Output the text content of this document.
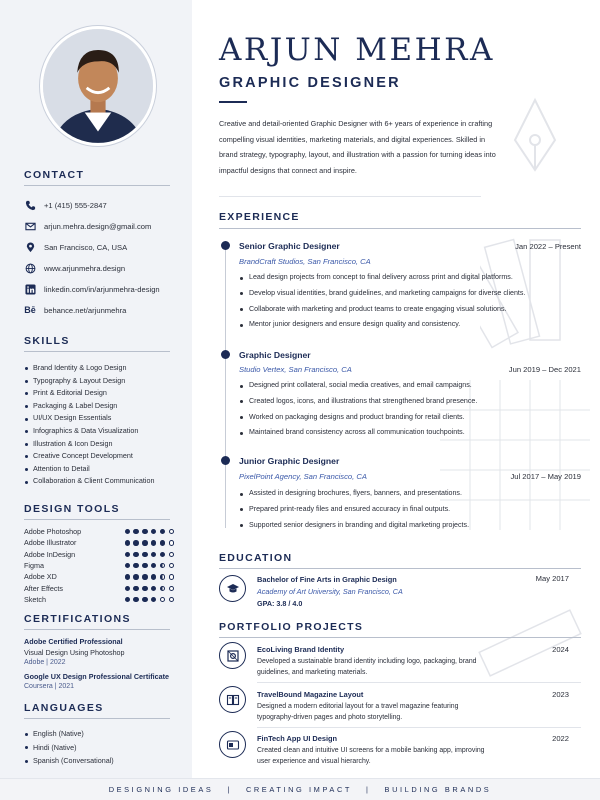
CONTACT
+1 (415) 555-2847
arjun.mehra.design@gmail.com
San Francisco, CA, USA
www.arjunmehra.design
linkedin.com/in/arjunmehra-design
Bē behance.net/arjunmehra
SKILLS
Brand Identity & Logo Design
Typography & Layout Design
Print & Editorial Design
Packaging & Label Design
UI/UX Design Essentials
Infographics & Data Visualization
Illustration & Icon Design
Creative Concept Development
Attention to Detail
Collaboration & Client Communication
DESIGN TOOLS
Adobe Photoshop
Adobe Illustrator
Adobe InDesign
Figma
Adobe XD
After Effects
Sketch
CERTIFICATIONS
Adobe Certified Professional
Visual Design Using Photoshop
Adobe | 2022
Google UX Design Professional Certificate
Coursera | 2021
LANGUAGES
English (Native)
Hindi (Native)
Spanish (Conversational)
ARJUN MEHRA
GRAPHIC DESIGNER
Creative and detail-oriented Graphic Designer with 6+ years of experience in crafting compelling visual identities, marketing materials, and digital experiences. Skilled in brand strategy, typography, layout, and illustration with a passion for turning ideas into impactful designs that connect and inspire.
EXPERIENCE
Senior Graphic Designer	Jan 2022 – Present
BrandCraft Studios, San Francisco, CA
Lead design projects from concept to final delivery across print and digital platforms.
Develop visual identities, brand guidelines, and marketing campaigns for diverse clients.
Collaborate with marketing and product teams to create engaging visual solutions.
Mentor junior designers and ensure design quality and consistency.
Graphic Designer
Jun 2019 – Dec 2021
Studio Vertex, San Francisco, CA
Designed print collateral, social media creatives, and email campaigns.
Created logos, icons, and illustrations that strengthened brand presence.
Worked on packaging designs and product branding for retail clients.
Maintained brand consistency across all communication touchpoints.
Junior Graphic Designer
Jul 2017 – May 2019
PixelPoint Agency, San Francisco, CA
Assisted in designing brochures, flyers, banners, and presentations.
Prepared print-ready files and ensured accuracy in final outputs.
Supported senior designers in branding and digital marketing projects.
EDUCATION
Bachelor of Fine Arts in Graphic Design
Academy of Art University, San Francisco, CA
GPA: 3.8 / 4.0
May 2017
PORTFOLIO PROJECTS
EcoLiving Brand Identity
Developed a sustainable brand identity including logo, packaging, brand guidelines, and marketing materials.
2024
TravelBound Magazine Layout
Designed a modern editorial layout for a travel magazine featuring typography-driven pages and photo storytelling.
2023
FinTech App UI Design
Created clean and intuitive UI screens for a mobile banking app, improving user experience and visual hierarchy.
2022
DESIGNING IDEAS | CREATING IMPACT | BUILDING BRANDS
